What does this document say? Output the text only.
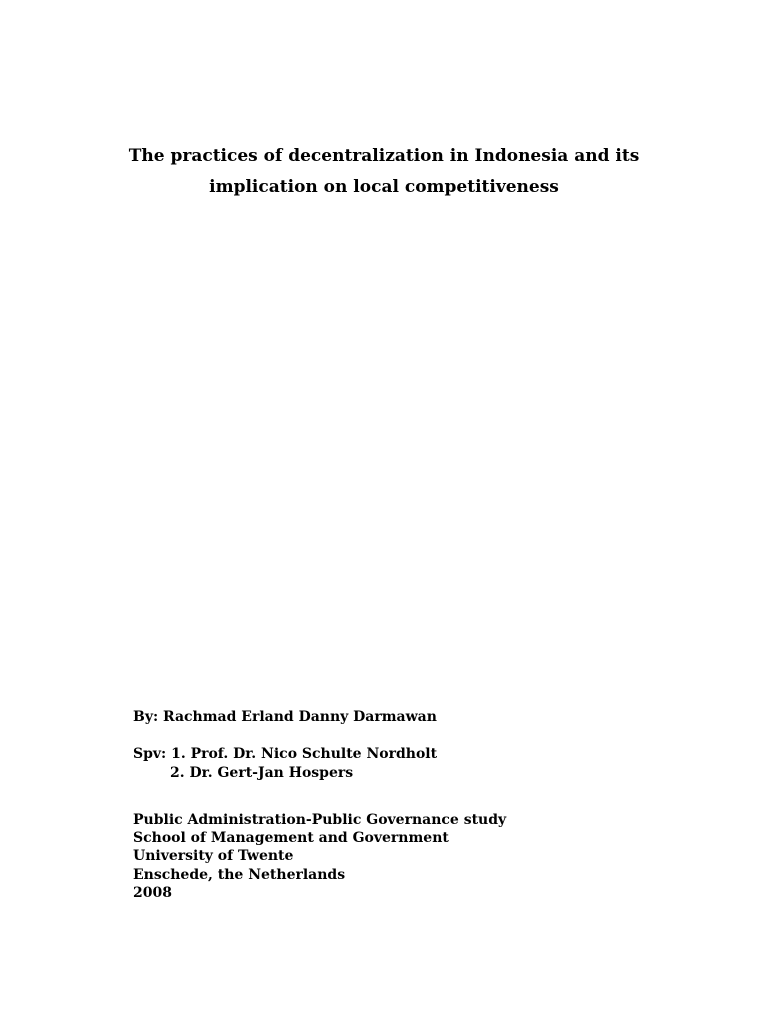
The practices of decentralization in Indonesia and its
implication on local competitiveness

By: Rachmad Erland Danny Darmawan

Spv: 1. Prof. Dr. Nico Schulte Nordholt

2. Dr. Gert-Jan Hospers

Public Administration-Public Governance study

School of Management and Government

University of Twente

Enschede, the Netherlands

2008
